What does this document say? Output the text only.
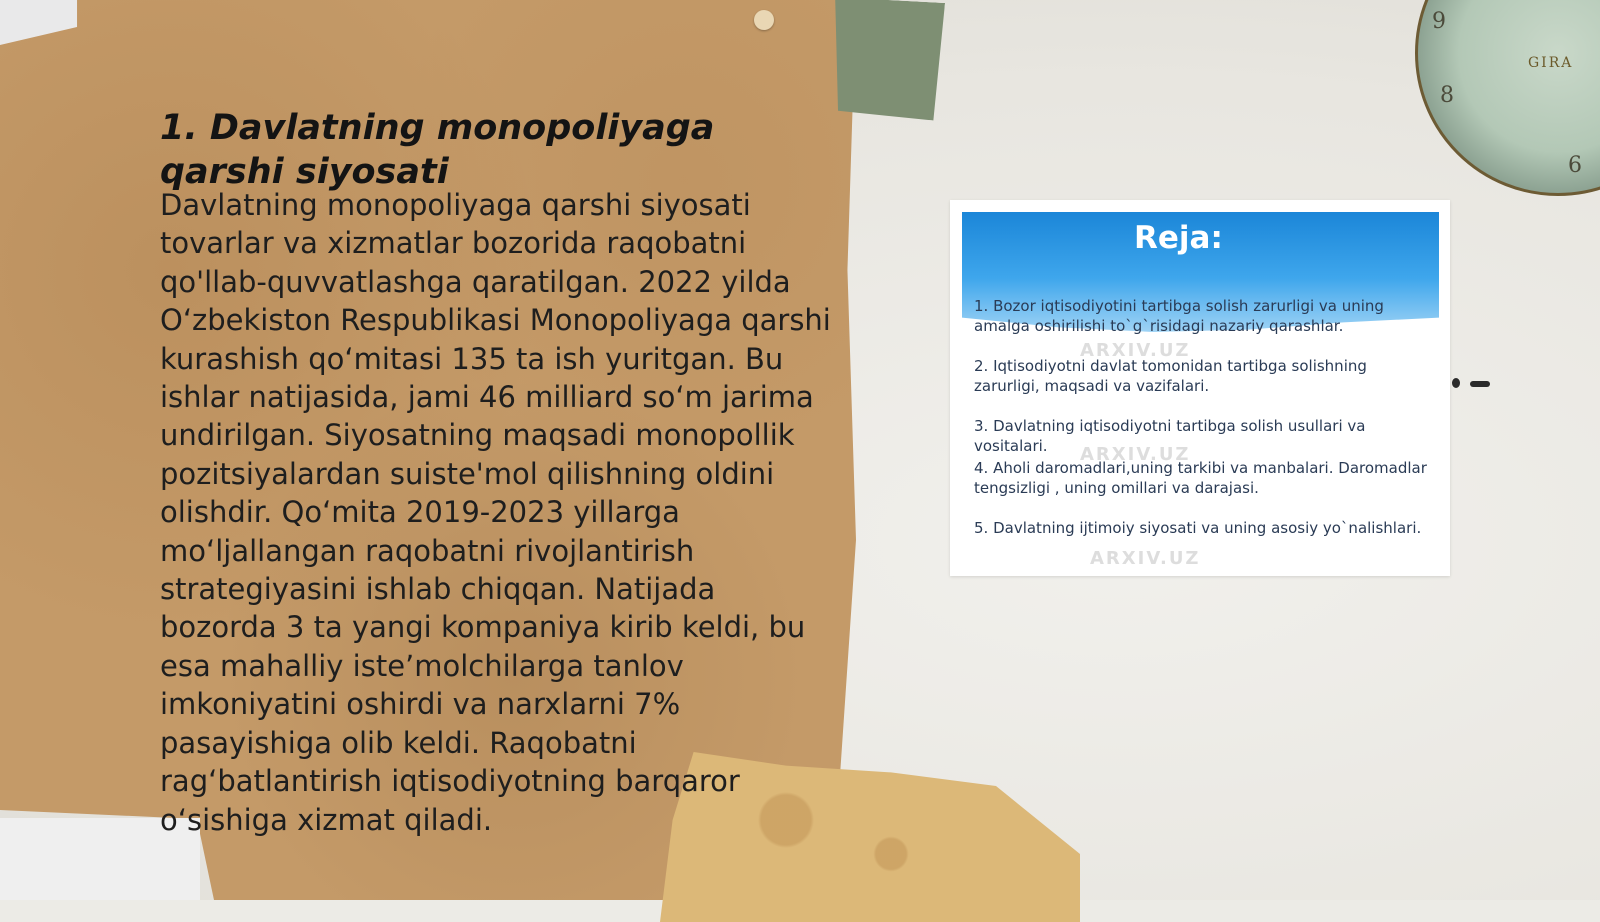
9
8
6
GIRA
1. Davlatning monopoliyaga qarshi siyosati

Davlatning monopoliyaga qarshi siyosati tovarlar va xizmatlar bozorida raqobatni qo'llab-quvvatlashga qaratilgan. 2022 yilda O‘zbekiston Respublikasi Monopoliyaga qarshi kurashish qo‘mitasi 135 ta ish yuritgan. Bu ishlar natijasida, jami 46 milliard so‘m jarima undirilgan. Siyosatning maqsadi monopollik pozitsiyalardan suiste'mol qilishning oldini olishdir. Qo‘mita 2019-2023 yillarga mo‘ljallangan raqobatni rivojlantirish strategiyasini ishlab chiqqan. Natijada bozorda 3 ta yangi kompaniya kirib keldi, bu esa mahalliy iste’molchilarga tanlov imkoniyatini oshirdi va narxlarni 7% pasayishiga olib keldi. Raqobatni rag‘batlantirish iqtisodiyotning barqaror o‘sishiga xizmat qiladi.

Reja:
1. Bozor iqtisodiyotini tartibga solish zarurligi va uning amalga oshirilishi to`g`risidagi nazariy qarashlar.
2. Iqtisodiyotni davlat tomonidan tartibga solishning zarurligi, maqsadi va vazifalari.
3. Davlatning iqtisodiyotni tartibga solish usullari va vositalari.
4. Aholi daromadlari,uning tarkibi va manbalari. Daromadlar tengsizligi , uning omillari va darajasi.
5. Davlatning ijtimoiy siyosati va uning asosiy yo`nalishlari.
ARXIV.UZ
ARXIV.UZ
ARXIV.UZ
